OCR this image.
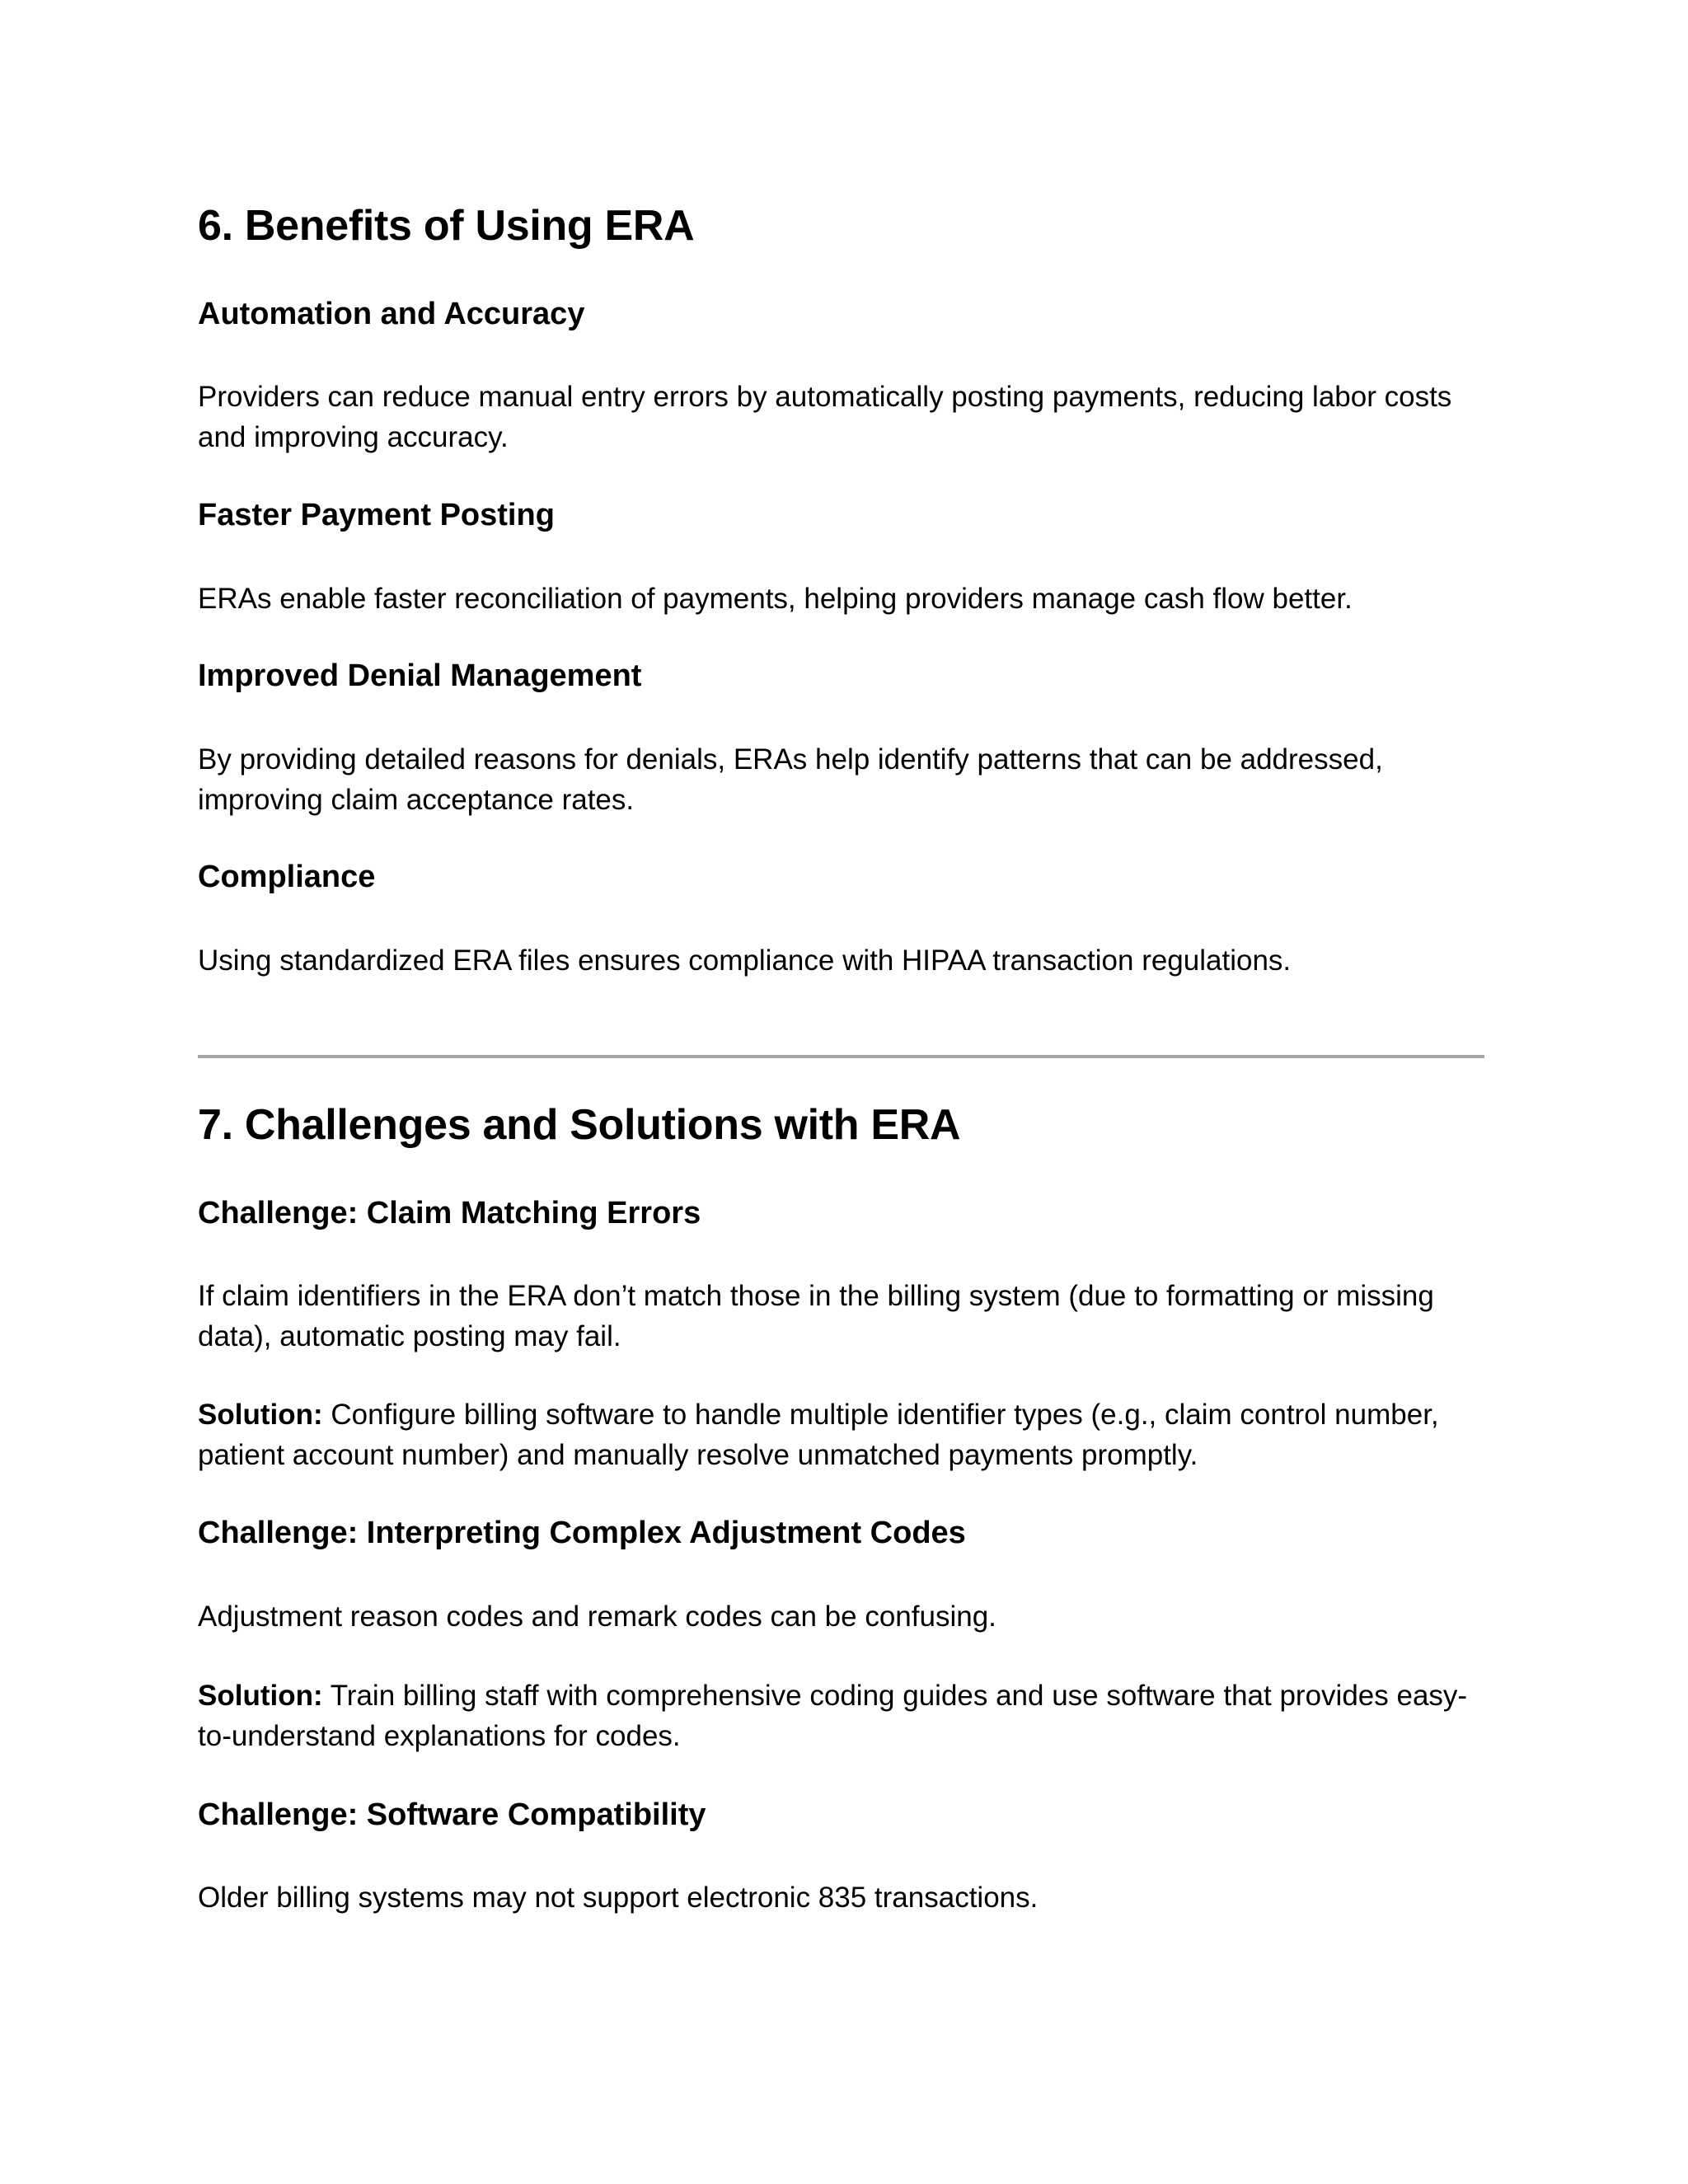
6. Benefits of Using ERA
Automation and Accuracy

Providers can reduce manual entry errors by automatically posting payments, reducing labor costs and improving accuracy.

Faster Payment Posting

ERAs enable faster reconciliation of payments, helping providers manage cash flow better.

Improved Denial Management

By providing detailed reasons for denials, ERAs help identify patterns that can be addressed, improving claim acceptance rates.

Compliance

Using standardized ERA files ensures compliance with HIPAA transaction regulations.

7. Challenges and Solutions with ERA
Challenge: Claim Matching Errors

If claim identifiers in the ERA don’t match those in the billing system (due to formatting or missing data), automatic posting may fail.

Solution: Configure billing software to handle multiple identifier types (e.g., claim control number, patient account number) and manually resolve unmatched payments promptly.

Challenge: Interpreting Complex Adjustment Codes

Adjustment reason codes and remark codes can be confusing.

Solution: Train billing staff with comprehensive coding guides and use software that provides easy-to-understand explanations for codes.

Challenge: Software Compatibility

Older billing systems may not support electronic 835 transactions.
